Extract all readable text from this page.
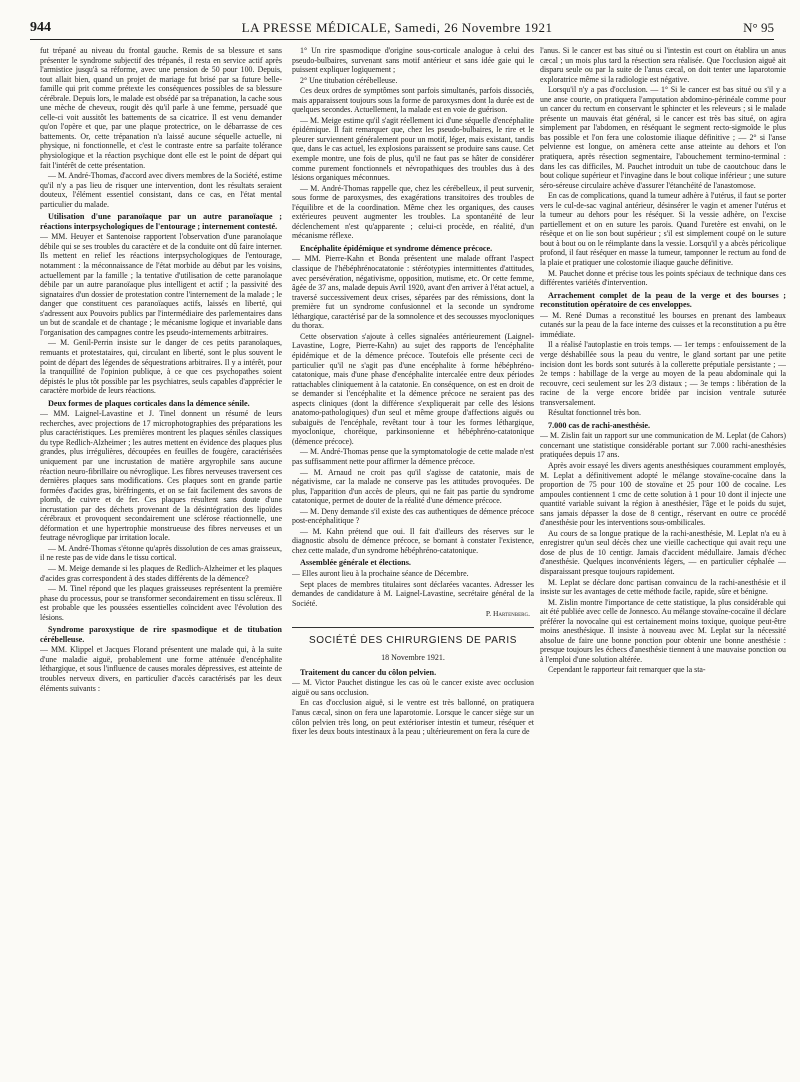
944	LA PRESSE MÉDICALE, Samedi, 26 Novembre 1921	N° 95

fut trépané au niveau du frontal gauche. Remis de sa blessure et sans présenter le syndrome subjectif des trépanés, il resta en service actif après l'armistice jusqu'à sa réforme, avec une pension de 50 pour 100. Depuis, tout allait bien, quand un projet de mariage fut brisé par sa future belle-famille qui prit comme prétexte les conséquences possibles de sa blessure cérébrale. Depuis lors, le malade est obsédé par sa trépanation, la cache sous une mèche de cheveux, rougit dès qu'il parle à une femme, persuadé que celle-ci voit aussitôt les battements de sa cicatrice. Il est venu demander qu'on l'opère et que, par une plaque protectrice, on le débarrasse de ces battements. Or, cette trépanation n'a laissé aucune séquelle actuelle, ni physique, ni fonctionnelle, et c'est le contraste entre sa parfaite tolérance physiologique et la réaction psychique dont elle est le point de départ qui fait l'intérêt de cette présentation.

— M. André-Thomas, d'accord avec divers membres de la Société, estime qu'il n'y a pas lieu de risquer une intervention, dont les résultats seraient douteux, l'élément essentiel consistant, dans ce cas, en l'état mental particulier du malade.

Utilisation d'une paranoïaque par un autre paranoïaque ; réactions interpsychologiques de l'entourage ; internement contesté.

— MM. Heuyer et Santenoise rapportent l'observation d'une paranoïaque débile qui se ses troubles du caractère et de la conduite ont dû faire interner. Ils mettent en relief les réactions interpsychologiques de l'entourage, notamment : la méconnaissance de l'état morbide au début par les voisins, actuellement par la famille ; la tentative d'utilisation de cette paranoïaque débile par un autre paranoïaque plus intelligent et actif ; la passivité des signataires d'un dossier de protestation contre l'internement de la malade ; le danger que constituent ces paranoïaques actifs, laissés en liberté, qui s'adressent aux Pouvoirs publics par l'intermédiaire des parlementaires dans un but de scandale et de chantage ; le mécanisme logique et invariable dans l'organisation des campagnes contre les pseudo-internements arbitraires.

— M. Genil-Perrin insiste sur le danger de ces petits paranoïaques, remuants et protestataires, qui, circulant en liberté, sont le plus souvent le point de départ des légendes de séquestrations arbitraires. Il y a intérêt, pour la tranquillité de l'opinion publique, à ce que ces psychopathes soient dépistés le plus tôt possible par les psychiatres, seuls capables d'apprécier le caractère morbide de leurs réactions.

Deux formes de plaques corticales dans la démence sénile.

— MM. Laignel-Lavastine et J. Tinel donnent un résumé de leurs recherches, avec projections de 17 microphotographies des préparations les plus caractéristiques. Les premières montrent les plaques séniles classiques du type Redlich-Alzheimer ; les autres mettent en évidence des plaques plus grandes, plus irrégulières, découpées en feuilles de fougère, caractérisées uniquement par une incrustation de matière argyrophile sans aucune réaction neuro-fibrillaire ou névroglique. Les fibres nerveuses traversent ces dernières plaques sans modifications. Ces plaques sont en grande partie formées d'acides gras, biréfringents, et on se fait facilement des savons de plomb, de cuivre et de fer. Ces plaques résultent sans doute d'une incrustation par des déchets provenant de la désintégration des lipoïdes cérébraux et provoquent secondairement une sclérose réactionnelle, une déformation et une hypertrophie monstrueuse des fibres nerveuses et un feutrage névroglique par irritation locale.

— M. André-Thomas s'étonne qu'après dissolution de ces amas graisseux, il ne reste pas de vide dans le tissu cortical.

— M. Meige demande si les plaques de Redlich-Alzheimer et les plaques d'acides gras correspondent à des stades différents de la démence?

— M. Tinel répond que les plaques graisseuses représentent la première phase du processus, pour se transformer secondairement en tissu scléreux. Il est probable que les poussées essentielles coïncident avec l'évolution des lésions.

Syndrome paroxystique de rire spasmodique et de titubation cérébelleuse.

— MM. Klippel et Jacques Florand présentent une malade qui, à la suite d'une maladie aiguë, probablement une forme atténuée d'encéphalite léthargique, et sous l'influence de causes morales dépressives, est atteinte de troubles nerveux divers, en particulier d'accès caractérisés par les deux éléments suivants :

1° Un rire spasmodique d'origine sous-corticale analogue à celui des pseudo-bulbaires, survenant sans motif antérieur et sans idée gaie qui le puissent expliquer logiquement ;

2° Une titubation cérébelleuse.

Ces deux ordres de symptômes sont parfois simultanés, parfois dissociés, mais apparaissent toujours sous la forme de paroxysmes dont la durée est de quelques secondes. Actuellement, la malade est en voie de guérison.

— M. Meige estime qu'il s'agit réellement ici d'une séquelle d'encéphalite épidémique. Il fait remarquer que, chez les pseudo-bulbaires, le rire et le pleurer surviennent généralement pour un motif, léger, mais existant, tandis que, dans le cas actuel, les explosions paraissent se produire sans cause. Cet exemple montre, une fois de plus, qu'il ne faut pas se hâter de considérer comme purement fonctionnels et névropathiques des troubles dus à des lésions organiques méconnues.

— M. André-Thomas rappelle que, chez les cérébelleux, il peut survenir, sous forme de paroxysmes, des exagérations transitoires des troubles de l'équilibre et de la coordination. Même chez les organiques, des causes extérieures peuvent augmenter les troubles. La spontanéité de leur déclenchement n'est qu'apparente ; celui-ci procède, en réalité, d'un mécanisme réflexe.

Encéphalite épidémique et syndrome démence précoce.

— MM. Pierre-Kahn et Bonda présentent une malade offrant l'aspect classique de l'hébéphrénocatatonie : stéréotypies intermittentes d'attitudes, avec persévération, négativisme, opposition, mutisme, etc. Or cette femme, âgée de 37 ans, malade depuis Avril 1920, avant d'en arriver à l'état actuel, a traversé successivement deux crises, séparées par des rémissions, dont la première fut un syndrome confusionnel et la seconde un syndrome léthargique, caractérisé par de la somnolence et des secousses myocloniques du thorax.

Cette observation s'ajoute à celles signalées antérieurement (Laignel-Lavastine, Logre, Pierre-Kahn) au sujet des rapports de l'encéphalite épidémique et de la démence précoce. Toutefois elle présente ceci de particulier qu'il ne s'agit pas d'une encéphalite à forme hébéphréno-catatonique, mais d'une phase d'encéphalite intercalée entre deux périodes rattachables cliniquement à la catatonie. En conséquence, on est en droit de se demander si l'encéphalite et la démence précoce ne seraient pas des aspects cliniques (dont la différence s'expliquerait par celle des lésions anatomo-pathologiques) d'un seul et même groupe d'affections aiguës ou subaiguës de l'encéphale, revêtant tour à tour les formes léthargique, myoclonique, choréique, parkinsonienne et hébéphréno-catatonique (démence précoce).

— M. André-Thomas pense que la symptomatologie de cette malade n'est pas suffisamment nette pour affirmer la démence précoce.

— M. Arnaud ne croit pas qu'il s'agisse de catatonie, mais de négativisme, car la malade ne conserve pas les attitudes provoquées. De plus, l'apparition d'un accès de pleurs, qui ne fait pas partie du syndrome catatonique, permet de douter de la réalité d'une démence précoce.

— M. Deny demande s'il existe des cas authentiques de démence précoce post-encéphalitique ?

— M. Kahn prétend que oui. Il fait d'ailleurs des réserves sur le diagnostic absolu de démence précoce, se bornant à constater l'existence, chez cette malade, d'un syndrome hébéphréno-catatonique.

Assemblée générale et élections.

— Elles auront lieu à la prochaine séance de Décembre.

Sept places de membres titulaires sont déclarées vacantes. Adresser les demandes de candidature à M. Laignel-Lavastine, secrétaire général de la Société.

P. Hartenberg.
SOCIÉTÉ DES CHIRURGIENS DE PARIS
18 Novembre 1921.
Traitement du cancer du côlon pelvien.

— M. Victor Pauchet distingue les cas où le cancer existe avec occlusion aiguë ou sans occlusion.

En cas d'occlusion aiguë, si le ventre est très ballonné, on pratiquera l'anus cæcal, sinon on fera une laparotomie. Lorsque le cancer siège sur un côlon pelvien très long, on peut extérioriser intestin et tumeur, réséquer et fixer les deux bouts intestinaux à la peau ; ultérieurement on fera la cure de

l'anus. Si le cancer est bas situé ou si l'intestin est court on établira un anus cæcal ; un mois plus tard la résection sera réalisée. Que l'occlusion aiguë ait disparu seule ou par la suite de l'anus cæcal, on doit tenter une laparotomie exploratrice même si la radiologie est négative.

Lorsqu'il n'y a pas d'occlusion. — 1° Si le cancer est bas situé ou s'il y a une anse courte, on pratiquera l'amputation abdomino-périnéale comme pour un cancer du rectum en conservant le sphincter et les releveurs ; si le malade présente un mauvais état général, si le cancer est très bas situé, on agira simplement par l'abdomen, en réséquant le segment recto-sigmoïde le plus bas possible et l'on fera une colostomie iliaque définitive ; — 2° si l'anse pelvienne est longue, on amènera cette anse atteinte au dehors et l'on pratiquera, après résection segmentaire, l'abouchement termino-terminal : dans les cas difficiles, M. Pauchet introduit un tube de caoutchouc dans le bout colique supérieur et l'invagine dans le bout colique inférieur ; une suture séro-séreuse circulaire achève d'assurer l'étanchéité de l'anastomose.

En cas de complications, quand la tumeur adhère à l'utérus, il faut se porter vers le cul-de-sac vaginal antérieur, désinsérer le vagin et amener l'utérus et la tumeur au dehors pour les réséquer. Si la vessie adhère, on l'excise partiellement et on en suture les parois. Quand l'uretère est envahi, on le résèque et on lie son bout supérieur ; s'il est simplement coupé on le suture bout à bout ou on le réimplante dans la vessie. Lorsqu'il y a abcès péricolique profond, il faut réséquer en masse la tumeur, tamponner le rectum au fond de la plaie et pratiquer une colostomie iliaque gauche définitive.

M. Pauchet donne et précise tous les points spéciaux de technique dans ces différentes variétés d'intervention.

Arrachement complet de la peau de la verge et des bourses ; reconstitution opératoire de ces enveloppes.

— M. René Dumas a reconstitué les bourses en prenant des lambeaux cutanés sur la peau de la face interne des cuisses et la reconstitution a pu être immédiate.

Il a réalisé l'autoplastie en trois temps. — 1er temps : enfouissement de la verge déshabillée sous la peau du ventre, le gland sortant par une petite incision dont les bords sont suturés à la collerette préputiale persistante ; — 2e temps : habillage de la verge au moyen de la peau abdominale qui la recouvre, ceci seulement sur les 2/3 distaux ; — 3e temps : libération de la racine de la verge encore bridée par incision ventrale suturée transversalement.

Résultat fonctionnel très bon.

7.000 cas de rachi-anesthésie.

— M. Zislin fait un rapport sur une communication de M. Leplat (de Cahors) concernant une statistique considérable portant sur 7.000 rachi-anesthésies pratiquées depuis 17 ans.

Après avoir essayé les divers agents anesthésiques couramment employés, M. Leplat a définitivement adopté le mélange stovaïne-cocaïne dans la proportion de 75 pour 100 de stovaïne et 25 pour 100 de cocaïne. Les ampoules contiennent 1 cmc de cette solution à 1 pour 10 dont il injecte une quantité variable suivant la région à anesthésier, l'âge et le poids du sujet, sans jamais dépasser la dose de 8 centigr., réservant en outre ce procédé d'anesthésie pour les interventions sous-ombilicales.

Au cours de sa longue pratique de la rachi-anesthésie, M. Leplat n'a eu à enregistrer qu'un seul décès chez une vieille cachectique qui avait reçu une dose de plus de 10 centigr. Jamais d'accident médullaire. Jamais d'échec d'anesthésie. Quelques inconvénients légers, — en particulier céphalée — disparaissant presque toujours rapidement.

M. Leplat se déclare donc partisan convaincu de la rachi-anesthésie et il insiste sur les avantages de cette méthode facile, rapide, sûre et bénigne.

M. Zislin montre l'importance de cette statistique, la plus considérable qui ait été publiée avec celle de Jonnesco. Au mélange stovaïne-cocaïne il déclare préférer la novocaïne qui est certainement moins toxique, quoique peut-être moins anesthésique. Il insiste à nouveau avec M. Leplat sur la nécessité absolue de faire une bonne ponction pour obtenir une bonne anesthésie : presque toujours les échecs d'anesthésie tiennent à une mauvaise ponction ou à l'emploi d'une solution altérée.

Cependant le rapporteur fait remarquer que la sta-
